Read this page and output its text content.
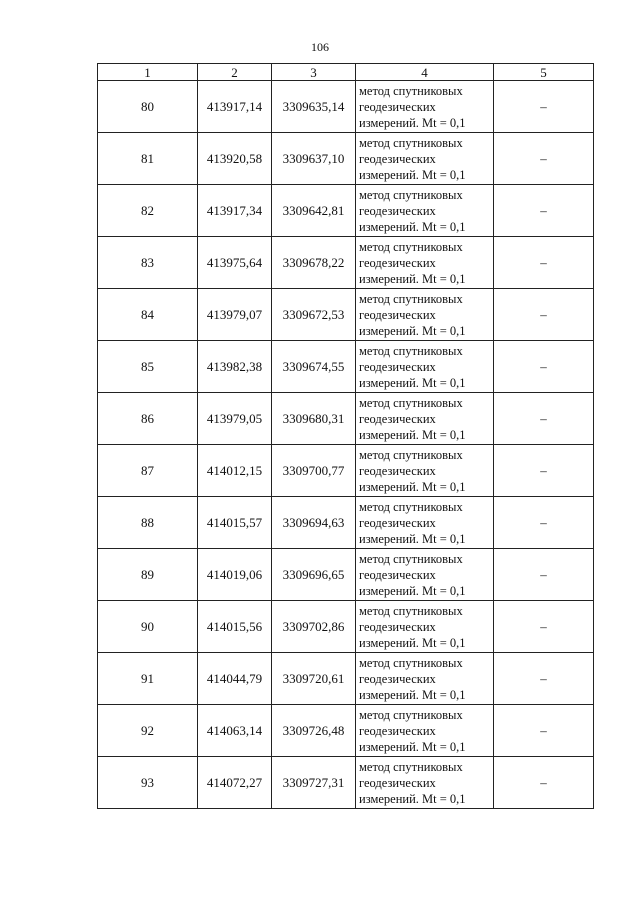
106
1	2	3	4	5
80	413917,14	3309635,14	метод спутниковых
геодезических
измерений. Mt = 0,1	–
81	413920,58	3309637,10	метод спутниковых
геодезических
измерений. Mt = 0,1	–
82	413917,34	3309642,81	метод спутниковых
геодезических
измерений. Mt = 0,1	–
83	413975,64	3309678,22	метод спутниковых
геодезических
измерений. Mt = 0,1	–
84	413979,07	3309672,53	метод спутниковых
геодезических
измерений. Mt = 0,1	–
85	413982,38	3309674,55	метод спутниковых
геодезических
измерений. Mt = 0,1	–
86	413979,05	3309680,31	метод спутниковых
геодезических
измерений. Mt = 0,1	–
87	414012,15	3309700,77	метод спутниковых
геодезических
измерений. Mt = 0,1	–
88	414015,57	3309694,63	метод спутниковых
геодезических
измерений. Mt = 0,1	–
89	414019,06	3309696,65	метод спутниковых
геодезических
измерений. Mt = 0,1	–
90	414015,56	3309702,86	метод спутниковых
геодезических
измерений. Mt = 0,1	–
91	414044,79	3309720,61	метод спутниковых
геодезических
измерений. Mt = 0,1	–
92	414063,14	3309726,48	метод спутниковых
геодезических
измерений. Mt = 0,1	–
93	414072,27	3309727,31	метод спутниковых
геодезических
измерений. Mt = 0,1	–
